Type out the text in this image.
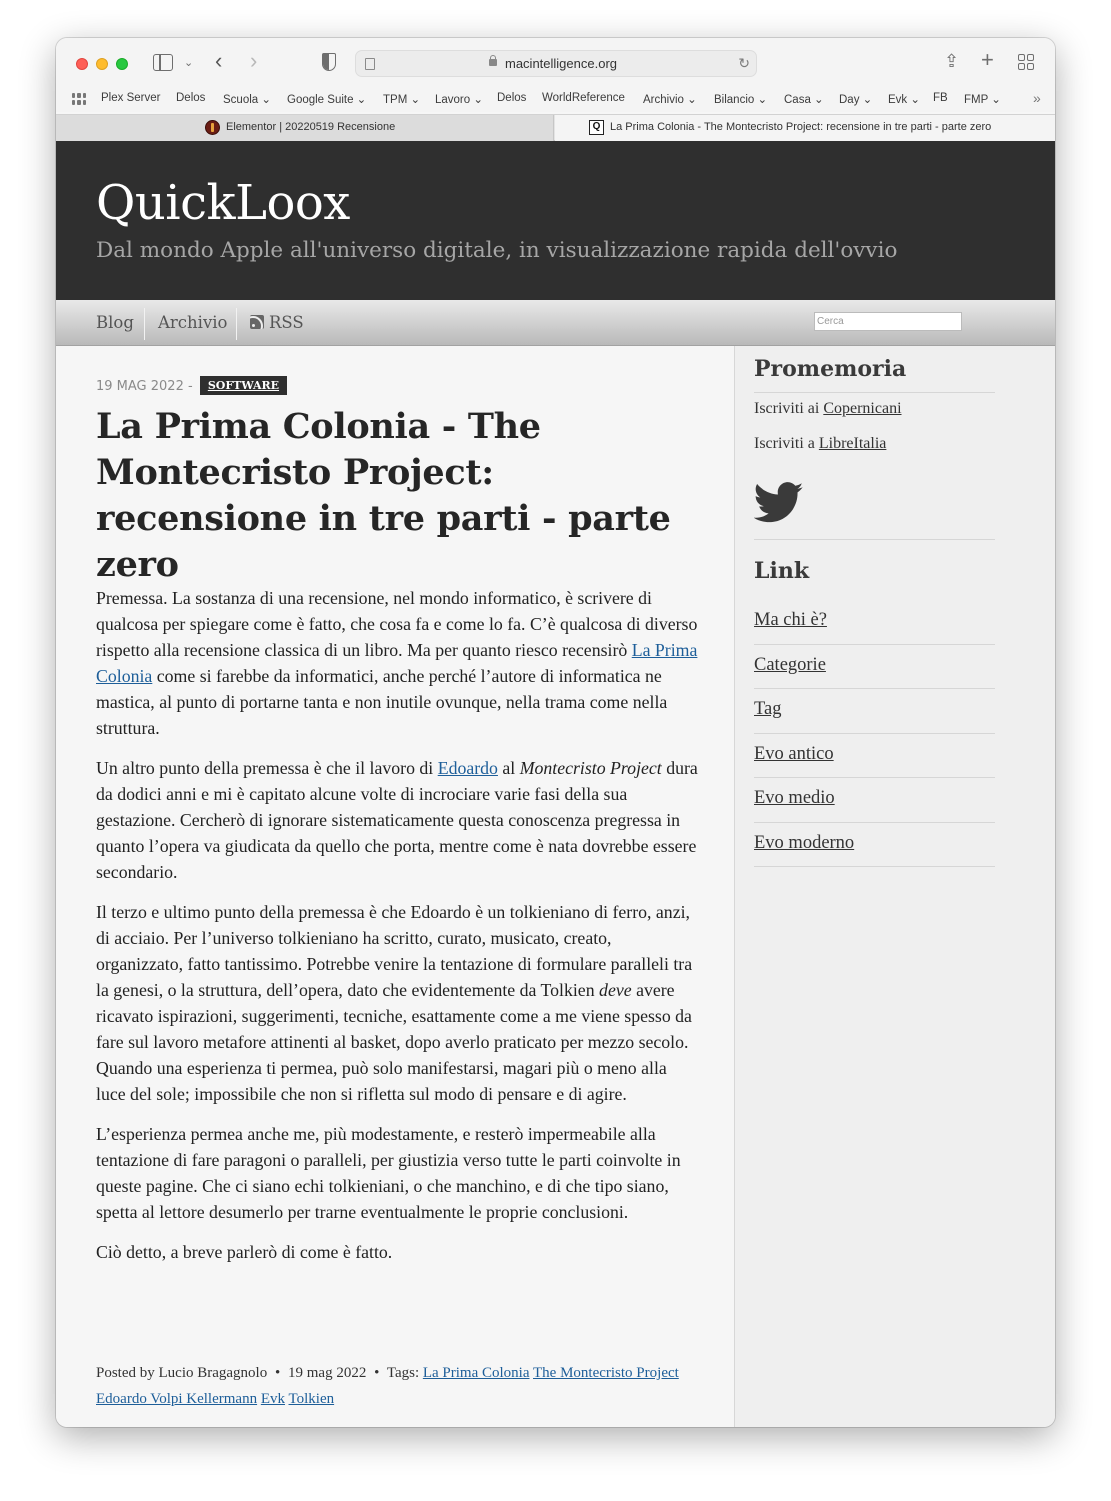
⌄ ‹ ›	macintelligence.org	↻	⇪ +
Plex Server Delos Scuola ⌄ Google Suite ⌄ TPM ⌄ Lavoro ⌄ Delos WorldReference Archivio ⌄ Bilancio ⌄ Casa ⌄ Day ⌄ Evk ⌄ FB FMP ⌄ »
Elementor | 20220519 Recensione	Q La Prima Colonia - The Montecristo Project: recensione in tre parti - parte zero
QuickLoox
Dal mondo Apple all'universo digitale, in visualizzazione rapida dell'ovvio
Blog Archivio	RSS
Cerca
19 MAG 2022 - SOFTWARE
La Prima Colonia - The Montecristo Project: recensione in tre parti - parte zero

Premessa. La sostanza di una recensione, nel mondo informatico, è scrivere di qualcosa per spiegare come è fatto, che cosa fa e come lo fa. C’è qualcosa di diverso rispetto alla recensione classica di un libro. Ma per quanto riesco recensirò La Prima Colonia come si farebbe da informatici, anche perché l’autore di informatica ne mastica, al punto di portarne tanta e non inutile ovunque, nella trama come nella struttura.

Un altro punto della premessa è che il lavoro di Edoardo al Montecristo Project dura da dodici anni e mi è capitato alcune volte di incrociare varie fasi della sua gestazione. Cercherò di ignorare sistematicamente questa conoscenza pregressa in quanto l’opera va giudicata da quello che porta, mentre come è nata dovrebbe essere secondario.

Il terzo e ultimo punto della premessa è che Edoardo è un tolkieniano di ferro, anzi, di acciaio. Per l’universo tolkieniano ha scritto, curato, musicato, creato, organizzato, fatto tantissimo. Potrebbe venire la tentazione di formulare paralleli tra la genesi, o la struttura, dell’opera, dato che evidentemente da Tolkien deve avere ricavato ispirazioni, suggerimenti, tecniche, esattamente come a me viene spesso da fare sul lavoro metafore attinenti al basket, dopo averlo praticato per mezzo secolo. Quando una esperienza ti permea, può solo manifestarsi, magari più o meno alla luce del sole; impossibile che non si rifletta sul modo di pensare e di agire.

L’esperienza permea anche me, più modestamente, e resterò impermeabile alla tentazione di fare paragoni o paralleli, per giustizia verso tutte le parti coinvolte in queste pagine. Che ci siano echi tolkieniani, o che manchino, e di che tipo siano, spetta al lettore desumerlo per trarne eventualmente le proprie conclusioni.

Ciò detto, a breve parlerò di come è fatto.

Posted by Lucio Bragagnolo • 19 mag 2022 • Tags: La Prima Colonia The Montecristo Project Edoardo Volpi Kellermann Evk Tolkien
Promemoria
Iscriviti ai Copernicani
Iscriviti a LibreItalia
Link
Ma chi è?
Categorie
Tag
Evo antico
Evo medio
Evo moderno
